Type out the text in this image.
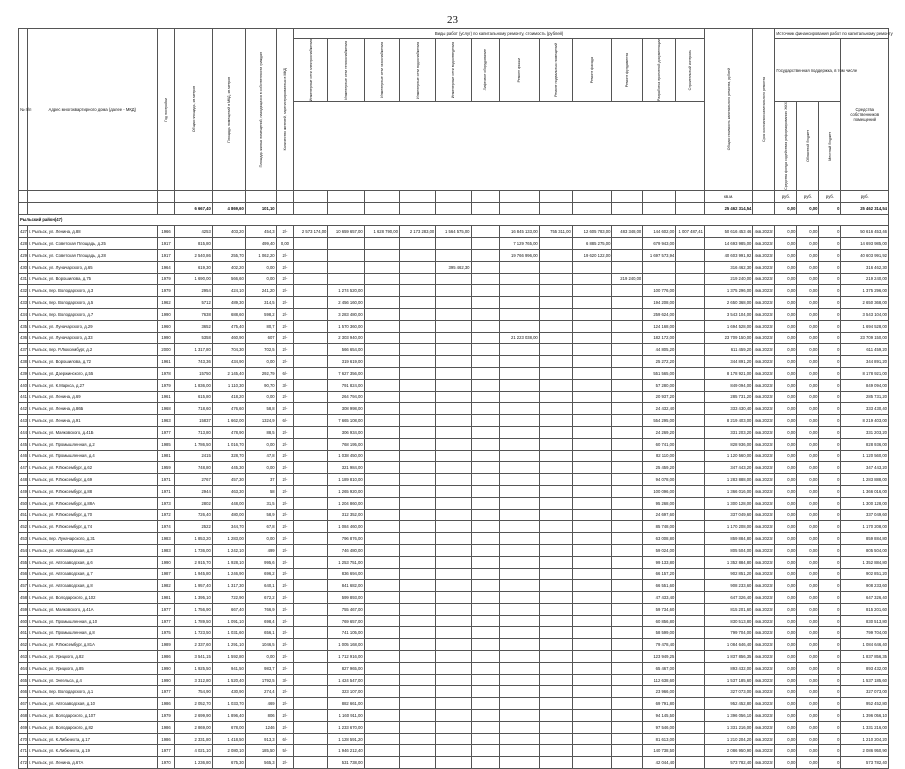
23
№ п/п	Адрес многоквартирного дома (далее - МКД)	Год постройки	Общая площадь, кв.метров	Площадь помещений в МКД, кв.метров	Площадь жилых помещений, находящихся в собственности граждан	Количество жителей, зарегистрированных в МКД	Виды работ (услуг) по капитальному ремонту, стоимость (рублей)												Общая стоимость капитального ремонта, рублей	Срок окончания капитального ремонта	Источник финансирования работ по капитальному ремонту			

							Инженерные сети электроснабжения	Инженерные сети теплоснабжения	Инженерные сети газоснабжения	Инженерные сети водоснабжения	Инженерные сети водоотведения	Лифтовое оборудование	Ремонт крыши	Ремонт подвальных помещений	Ремонт фасада	Ремонт фундамента	Разработка проектной документации	Строительный контроль			Государственная поддержка, в том числе			Средства собственников помещений

																					Средства фонда содействия реформированию ЖКХ	Областной бюджет	Местный бюджет	

																			кв.м.		руб.	руб.	руб.	руб.
			6 667,40	4 869,60	101,10														25 462 314,54		0,00	0,00	0	25 462 314,54
Рыльский район(47)																								
427	г. Рыльск, ул. Ленина, д.88	1966	4253	403,20	454,3	2/-	2 573 174,00	10 659 657,00	1 628 790,00	2 173 283,00	1 564 575,00		16 845 133,00	755 311,00	12 605 783,00	483 348,00	144 602,00	1 007 487,41	50 616 453 46	4кв.2023г	0,00	0,00	0	50 616 453,46
428	г. Рыльск, ул. Советская Площадь, д.25	1917	815,80		499,40	0,00							7 129 765,00		6 885 275,00		679 943,00		14 693 985,00	4кв.2023г	0,00	0,00	0	14 693 985,00
429	г. Рыльск, ул. Советская Площадь, д.28	1917	2 540,86	255,70	1 062,20	2/-							19 766 996,00		19 620 122,00		1 697 573,94		40 603 991,92	4кв.2023г	0,00	0,00	0	40 603 991,92
430	г. Рыльск, ул. Луначарского, д.65	1964	619,30	402,20	0,00	2/-					395 462,30								316 462,30	4кв.2023г	0,00	0,00	0	316 462,30
431	г. Рыльск, ул. Ворошилова, д.75	1979	1 690,00	566,60	0,00	2/-										219 240,00			219 240,00	4кв.2023г	0,00	0,00	0	219 240,00
432	г. Рыльск, пер. Володарского, д.3	1979	2954	424,10	241,20	2/-		1 274 520,00									100 776,00		1 375 296,00	4кв.2023г	0,00	0,00	0	1 375 296,00
433	г. Рыльск, пер. Володарского, д.5	1962	5712	489,30	314,5	2/-		2 456 160,00									194 208,00		2 650 368,00	4кв.2023г	0,00	0,00	0	2 650 368,00
434	г. Рыльск, пер. Володарского, д.7	1990	7638	688,60	598,2	2/-		3 283 480,00									259 624,00		3 543 104,00	4кв.2023г	0,00	0,00	0	3 543 104,00
435	г. Рыльск, ул. Луначарского, д.29	1960	3652	475,40	80,7	2/-		1 570 360,00									124 168,00		1 694 528,00	4кв.2023г	0,00	0,00	0	1 694 528,00
436	г. Рыльск, ул. Луначарского, д.33	1990	5358	460,90	607	2/-		2 303 940,00					21 223 038,00				182 172,00		23 709 150,00	4кв.2023г	0,00	0,00	0	23 709 150,00
437	г. Рыльск, пер. Р.Люксембург, д.2	2000	1 317,80	704,30	702,5	2/-		566 654,00									44 805,20		611 459,20	4кв.2023г	0,00	0,00	0	611 459,20
438	г. Рыльск, ул. Ворошилова, д.72	1961	743,36	434,90	0,00	2/-		319 619,00									25 272,20		344 891,20	4кв.2023г	0,00	0,00	0	344 891,20
439	г. Рыльск, ул. Дзержинского, д.55	1978	15750	2 145,40	292,79	6/-		7 627 356,00									551 565,00		8 178 921,00	4кв.2023г	0,00	0,00	0	8 178 921,00
440	г. Рыльск, ул. К.Маркса, д.27	1979	1 836,00	1 110,30	90,70	3/-		791 824,00									57 280,00		849 094,00	4кв.2023г	0,00	0,00	0	849 094,00
441	г. Рыльск, ул. Ленина, д.69	1961	615,80	418,20	0,00	2/-		264 794,00									20 937,20		285 731,20	4кв.2023г	0,00	0,00	0	285 731,20
442	г. Рыльск, ул. Ленина, д.86Б	1968	718,60	476,60	58,8	2/-		308 998,00									24 432,40		333 430,40	4кв.2023г	0,00	0,00	0	333 430,40
443	г. Рыльск, ул. Ленина, д.91	1963	15837	1 662,00	1324,9	6/-		7 665 108,00									554 295,00		8 219 403,00	4кв.2023г	0,00	0,00	0	8 219 403,00
444	г. Рыльск, ул. Маяковского, д.41Б	1977	713,80	478,90	88,5	2/-		306 934,00									24 269,20		331 203,20	4кв.2023г	0,00	0,00	0	331 203,20
445	г. Рыльск, ул. Промышленная, д.2	1985	1 786,50	1 016,70	0,00	2/-		768 195,00									60 741,00		828 936,00	4кв.2023г	0,00	0,00	0	828 936,00
446	г. Рыльск, ул. Промышленная, д.4	1981	2415	328,70	47,8	2/-		1 038 450,00									82 110,00		1 120 560,00	4кв.2023г	0,00	0,00	0	1 120 560,00
447	г. Рыльск, ул. Р.Люксембург, д.62	1959	748,80	445,30	0,00	2/-		321 984,00									25 459,20		347 443,20	4кв.2023г	0,00	0,00	0	347 443,20
448	г. Рыльск, ул. Р.Люксембург, д.69	1971	2767	457,30	37	2/-		1 189 810,00									94 078,00		1 283 888,00	4кв.2023г	0,00	0,00	0	1 283 888,00
449	г. Рыльск, ул. Р.Люксембург, д.88	1971	2944	463,30	58	2/-		1 265 920,00									100 096,00		1 366 016,00	4кв.2023г	0,00	0,00	0	1 366 016,00
450	г. Рыльск, ул. Р.Люксембург, д.88А	1973	2802	448,00	31,5	2/-		1 204 860,00									95 268,00		1 300 128,00	4кв.2023г	0,00	0,00	0	1 300 128,00
451	г. Рыльск, ул. Р.Люксембург, д.70	1972	726,40	480,00	58,9	2/-		312 352,00									24 697,60		337 049,60	4кв.2023г	0,00	0,00	0	337 049,60
452	г. Рыльск, ул. Р.Люксембург, д.74	1974	2522	344,70	67,8	2/-		1 084 460,00									85 748,00		1 170 208,00	4кв.2023г	0,00	0,00	0	1 170 208,00
453	г. Рыльск, пер. Луначарского, д.31	1983	1 853,20	1 283,00	0,00	2/-		796 876,00									63 008,80		859 884,80	4кв.2023г	0,00	0,00	0	859 884,80
454	г. Рыльск, ул. Автозаводская, д.3	1983	1 736,00	1 242,10	499	2/-		746 480,00									59 024,00		805 504,00	4кв.2023г	0,00	0,00	0	805 504,00
455	г. Рыльск, ул. Автозаводская, д.6	1990	2 915,70	1 928,10	995,6	2/-		1 253 751,00									99 133,80		1 352 884,80	4кв.2023г	0,00	0,00	0	1 352 884,80
456	г. Рыльск, ул. Автозаводская, д.7	1987	1 945,80	1 246,90	696,2	2/-		836 694,00									66 157,20		902 851,20	4кв.2023г	0,00	0,00	0	902 851,20
457	г. Рыльск, ул. Автозаводская, д.8	1982	1 957,40	1 317,30	640,1	2/-		841 682,00									66 551,60		908 233,60	4кв.2023г	0,00	0,00	0	908 233,60
458	г. Рыльск, ул. Володарского, д.102	1981	1 395,10	722,90	672,2	2/-		599 893,00									47 433,40		647 326,40	4кв.2023г	0,00	0,00	0	647 326,40
459	г. Рыльск, ул. Маяковского, д.41А	1977	1 756,90	667,40	766,9	2/-		755 467,00									59 734,60		815 201,60	4кв.2023г	0,00	0,00	0	815 201,60
460	г. Рыльск, ул. Промышленная, д.10	1977	1 789,50	1 091,10	698,4	2/-		769 657,00									60 856,80		830 513,80	4кв.2023г	0,00	0,00	0	830 513,80
461	г. Рыльск, ул. Промышленная, д.8	1975	1 723,50	1 031,60	656,1	2/-		741 105,00									58 599,00		799 704,00	4кв.2023г	0,00	0,00	0	799 704,00
462	г. Рыльск, ул. Р.Люксембург, д.81А	1989	2 337,60	1 291,10	1046,5	2/-		1 005 168,00									79 478,40		1 084 646,40	4кв.2023г	0,00	0,00	0	1 084 646,40
463	г. Рыльск, ул. Урицкого, д.82	1986	3 541,15	1 592,80	0,00	2/-		1 712 916,00									123 949,25		1 837 856,35	4кв.2023г	0,00	0,00	0	1 837 856,35
464	г. Рыльск, ул. Урицкого, д.85	1990	1 925,50	941,50	983,7	2/-		827 965,00									65 467,00		893 432,00	4кв.2023г	0,00	0,00	0	893 432,00
465	г. Рыльск, ул. Энгельса, д.4	1990	3 312,80	1 520,40	1792,5	3/-		1 424 547,00									112 638,60		1 537 185,60	4кв.2023г	0,00	0,00	0	1 537 185,60
466	г. Рыльск, пер. Володарского, д.1	1977	754,90	430,90	274,4	2/-		323 107,00									23 966,00		327 073,00	4кв.2023г	0,00	0,00	0	327 073,00
467	г. Рыльск, ул. Автозаводская, д.10	1986	2 052,70	1 033,70	469	2/-		882 661,00									69 791,80		952 452,80	4кв.2023г	0,00	0,00	0	952 452,80
468	г. Рыльск, ул. Володарского, д.107	1979	2 699,90	1 896,40	806	2/-		1 160 911,00									94 145,50		1 396 056,10	4кв.2023г	0,00	0,00	0	1 396 056,10
469	г. Рыльск, ул. Володарского, д.82	1986	2 869,00	678,00	1246	2/-		1 233 670,00									97 546,00		1 331 216,00	4кв.2023г	0,00	0,00	0	1 331 216,00
470	г. Рыльск, ул. К.Либкнехта, д.17	1986	2 331,80	1 418,50	913,3	6/-		1 128 591,20									81 613,00		1 210 204,20	4кв.2023г	0,00	0,00	0	1 210 204,20
471	г. Рыльск, ул. К.Либкнехта, д.19	1977	4 021,10	2 080,10	185,50	5/-		1 946 212,40									140 738,50		2 086 950,90	4кв.2023г	0,00	0,00	0	2 086 950,90
472	г. Рыльск, ул. Ленина, д.67А	1970	1 236,80	675,30	565,3	2/-		531 738,00									42 044,40		573 782,40	4кв.2023г	0,00	0,00	0	573 782,40
